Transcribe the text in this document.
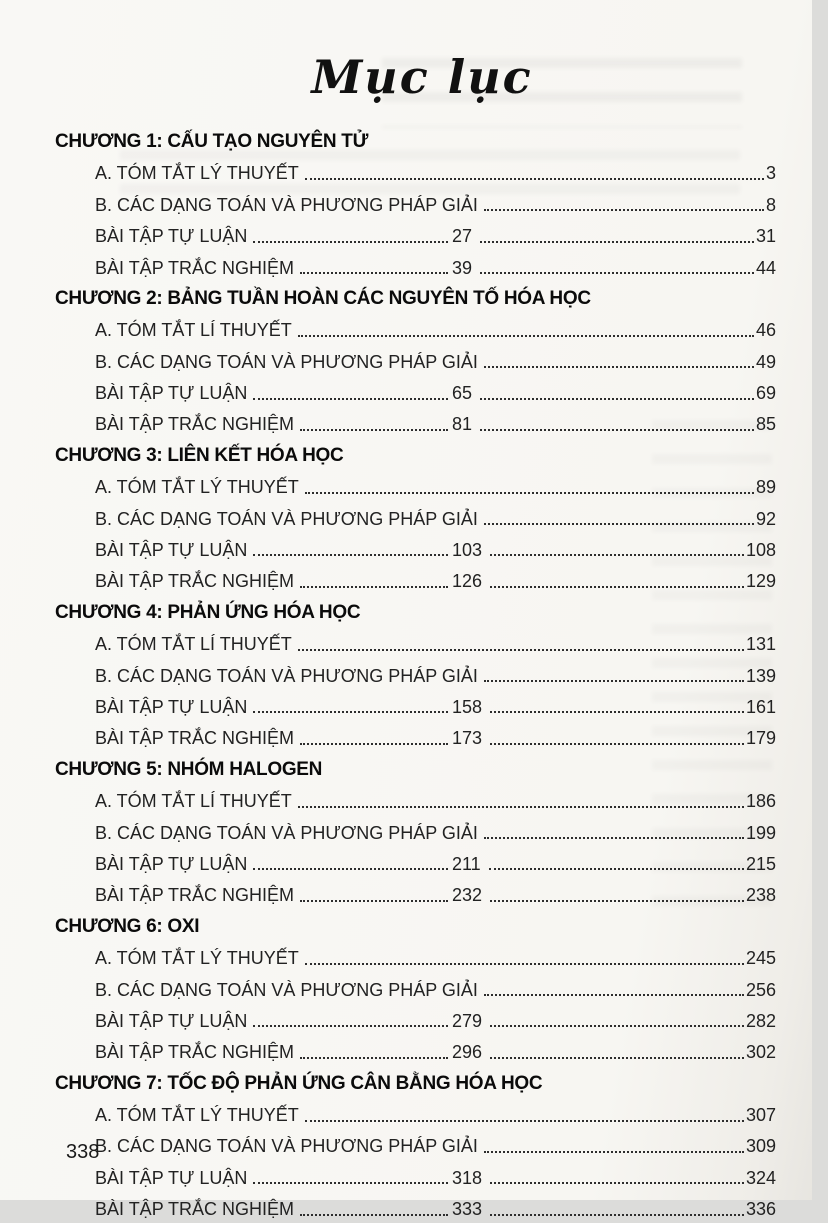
Mục lục
CHƯƠNG 1: CẤU TẠO NGUYÊN TỬ
A. TÓM TẮT LÝ THUYẾT	3
B. CÁC DẠNG TOÁN VÀ PHƯƠNG PHÁP GIẢI	8
BÀI TẬP TỰ LUẬN	27	31
BÀI TẬP TRẮC NGHIỆM	39	44
CHƯƠNG 2: BẢNG TUẦN HOÀN CÁC NGUYÊN TỐ HÓA HỌC
A. TÓM TẮT LÍ THUYẾT	46
B. CÁC DẠNG TOÁN VÀ PHƯƠNG PHÁP GIẢI	49
BÀI TẬP TỰ LUẬN	65	69
BÀI TẬP TRẮC NGHIỆM	81	85
CHƯƠNG 3: LIÊN KẾT HÓA HỌC
A. TÓM TẮT LÝ THUYẾT	89
B. CÁC DẠNG TOÁN VÀ PHƯƠNG PHÁP GIẢI	92
BÀI TẬP TỰ LUẬN	103	108
BÀI TẬP TRẮC NGHIỆM	126	129
CHƯƠNG 4: PHẢN ỨNG HÓA HỌC
A. TÓM TẮT LÍ THUYẾT	131
B. CÁC DẠNG TOÁN VÀ PHƯƠNG PHÁP GIẢI	139
BÀI TẬP TỰ LUẬN	158	161
BÀI TẬP TRẮC NGHIỆM	173	179
CHƯƠNG 5: NHÓM HALOGEN
A. TÓM TẮT LÍ THUYẾT	186
B. CÁC DẠNG TOÁN VÀ PHƯƠNG PHÁP GIẢI	199
BÀI TẬP TỰ LUẬN	211	215
BÀI TẬP TRẮC NGHIỆM	232	238
CHƯƠNG 6: OXI
A. TÓM TẮT LÝ THUYẾT	245
B. CÁC DẠNG TOÁN VÀ PHƯƠNG PHÁP GIẢI	256
BÀI TẬP TỰ LUẬN	279	282
BÀI TẬP TRẮC NGHIỆM	296	302
CHƯƠNG 7: TỐC ĐỘ PHẢN ỨNG CÂN BẰNG HÓA HỌC
A. TÓM TẮT LÝ THUYẾT	307
B. CÁC DẠNG TOÁN VÀ PHƯƠNG PHÁP GIẢI	309
BÀI TẬP TỰ LUẬN	318	324
BÀI TẬP TRẮC NGHIỆM	333	336
338
